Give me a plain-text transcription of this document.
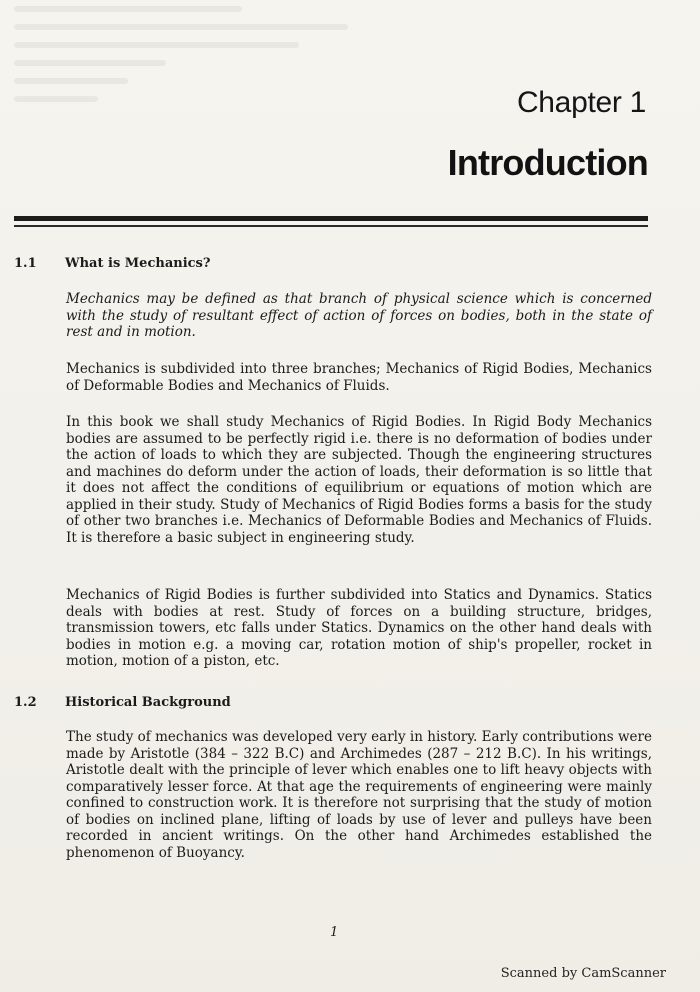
Chapter 1
Introduction
1.1 What is Mechanics?
Mechanics may be defined as that branch of physical science which is concerned with the study of resultant effect of action of forces on bodies, both in the state of rest and in motion.
Mechanics is subdivided into three branches; Mechanics of Rigid Bodies, Mechanics of Deformable Bodies and Mechanics of Fluids.
In this book we shall study Mechanics of Rigid Bodies. In Rigid Body Mechanics bodies are assumed to be perfectly rigid i.e. there is no deformation of bodies under the action of loads to which they are subjected. Though the engineering structures and machines do deform under the action of loads, their deformation is so little that it does not affect the conditions of equilibrium or equations of motion which are applied in their study. Study of Mechanics of Rigid Bodies forms a basis for the study of other two branches i.e. Mechanics of Deformable Bodies and Mechanics of Fluids. It is therefore a basic subject in engineering study.
Mechanics of Rigid Bodies is further subdivided into Statics and Dynamics. Statics deals with bodies at rest. Study of forces on a building structure, bridges, transmission towers, etc falls under Statics. Dynamics on the other hand deals with bodies in motion e.g. a moving car, rotation motion of ship's propeller, rocket in motion, motion of a piston, etc.
1.2 Historical Background
The study of mechanics was developed very early in history. Early contributions were made by Aristotle (384 – 322 B.C) and Archimedes (287 – 212 B.C). In his writings, Aristotle dealt with the principle of lever which enables one to lift heavy objects with comparatively lesser force. At that age the requirements of engineering were mainly confined to construction work. It is therefore not surprising that the study of motion of bodies on inclined plane, lifting of loads by use of lever and pulleys have been recorded in ancient writings. On the other hand Archimedes established the phenomenon of Buoyancy.
1
Scanned by CamScanner
